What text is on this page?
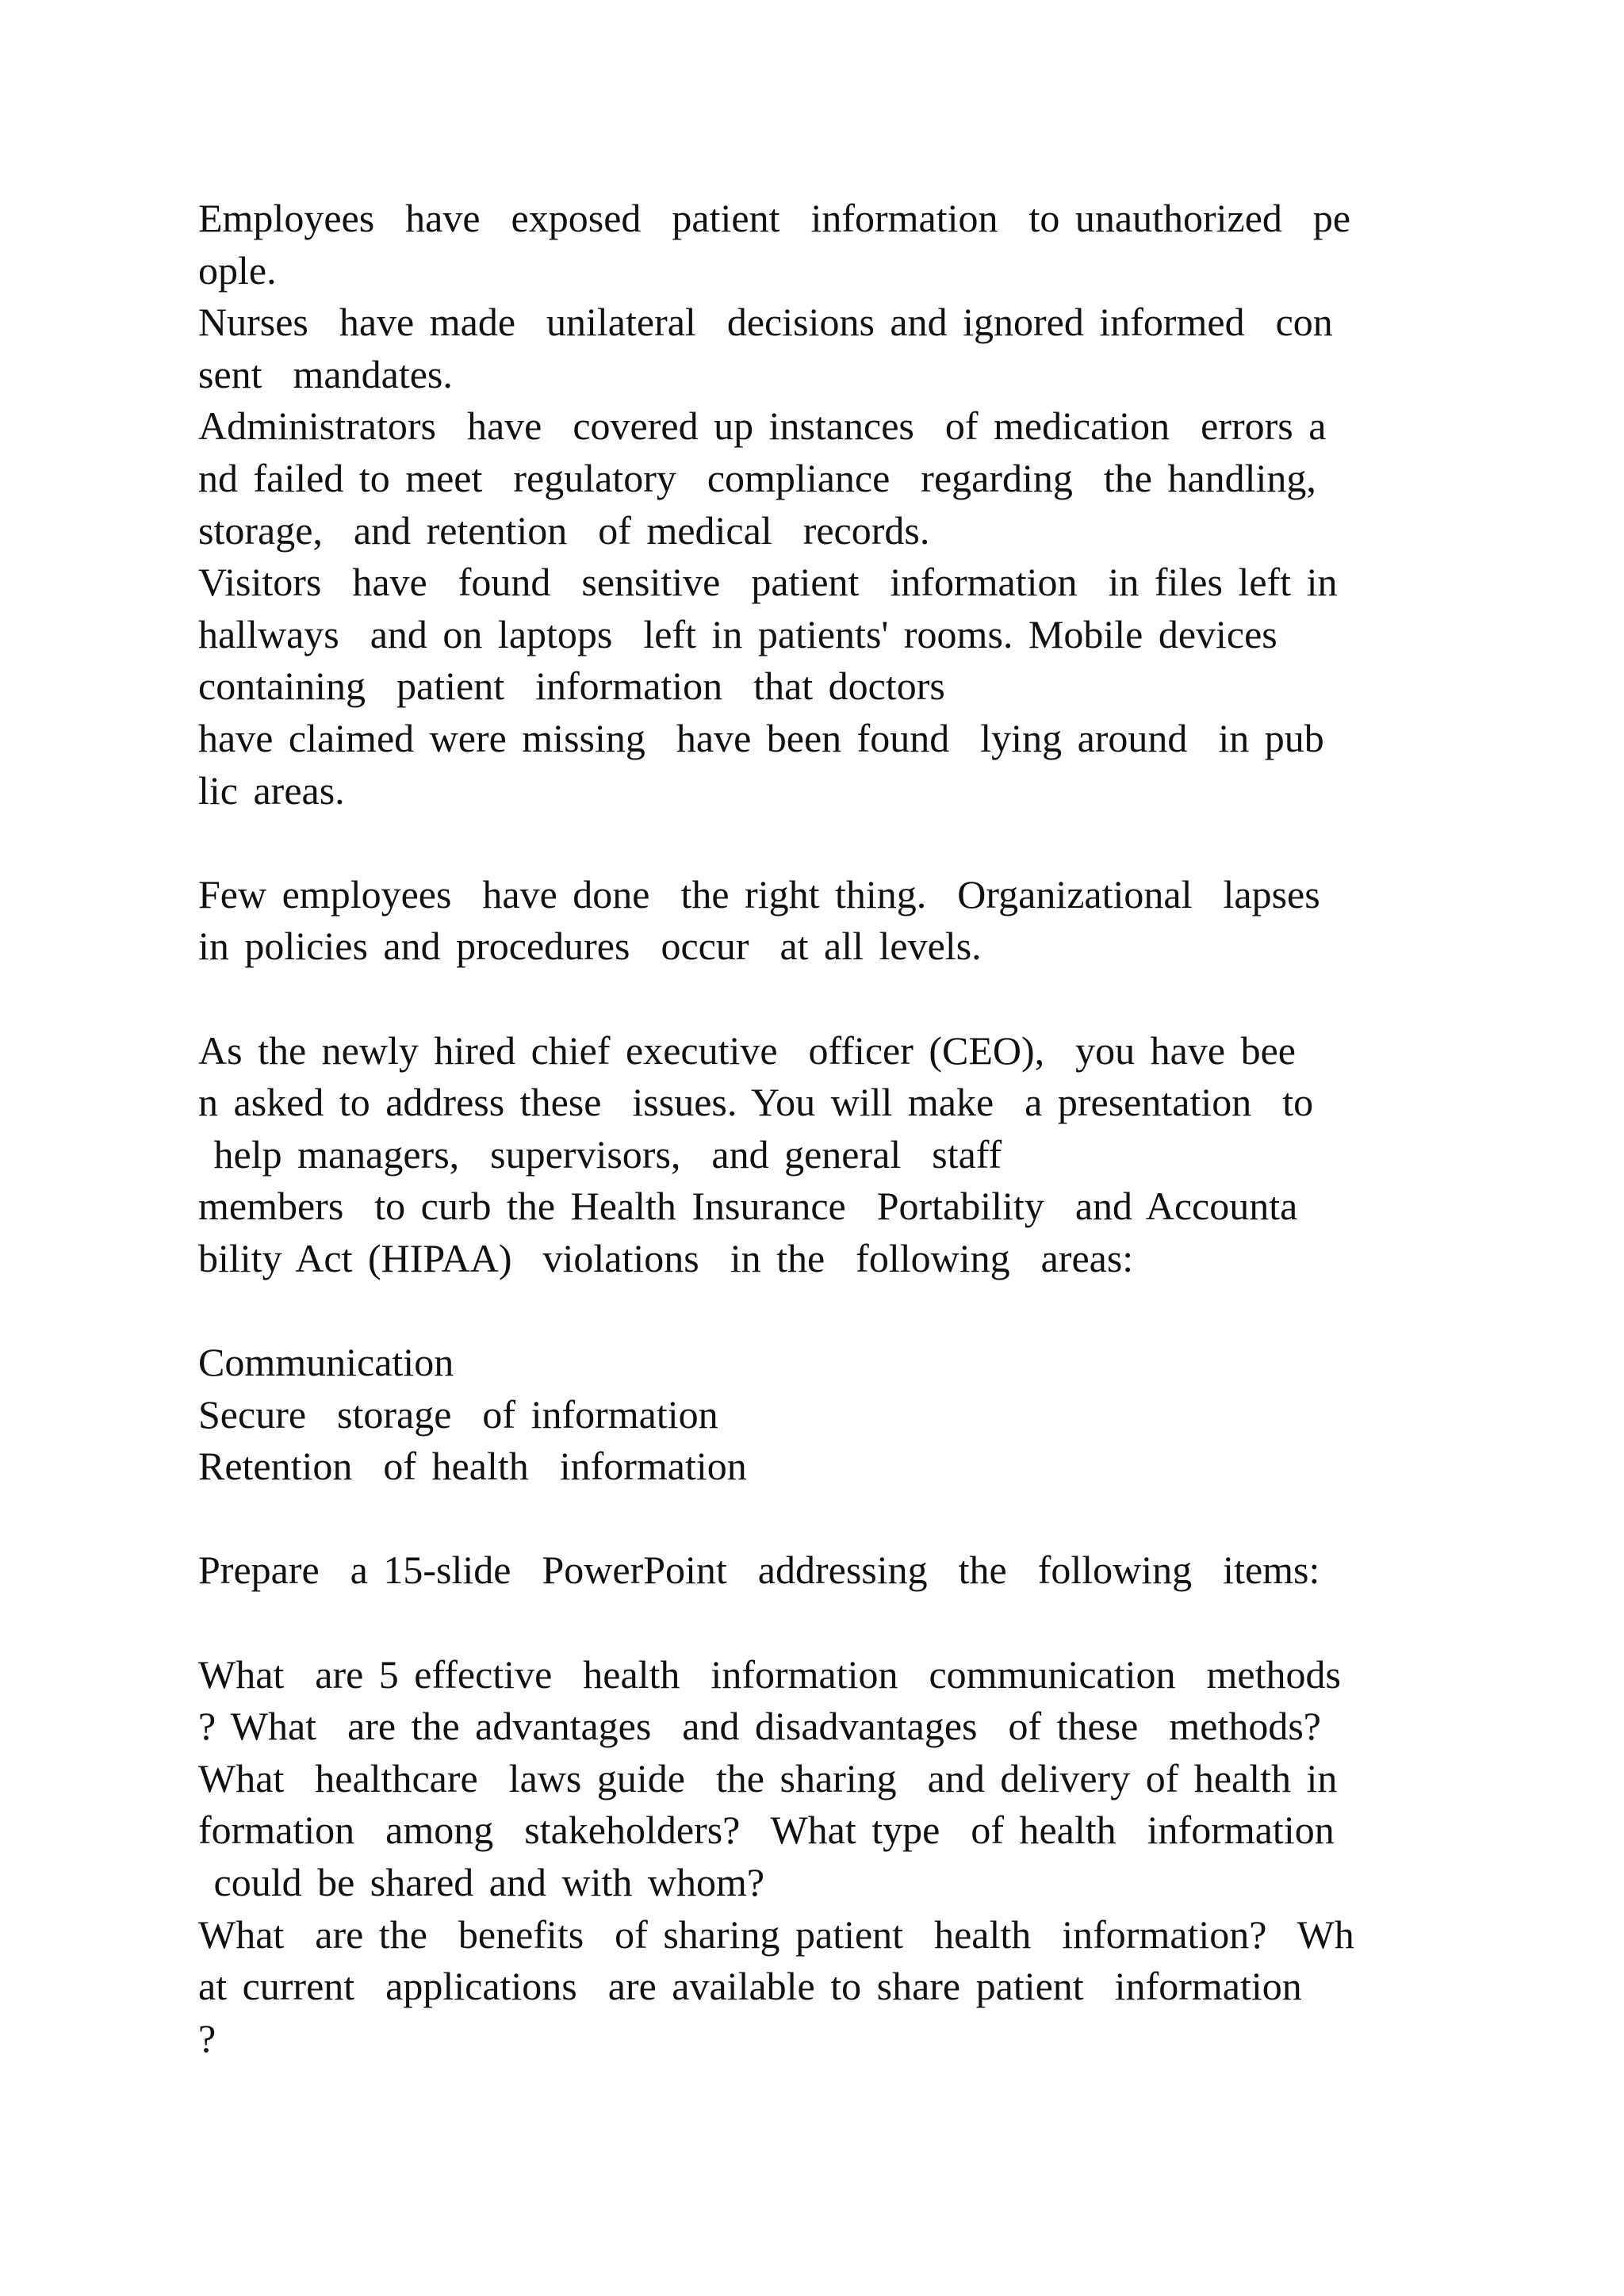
Employees  have  exposed  patient  information  to unauthorized  pe
ople.
Nurses  have made  unilateral  decisions and ignored informed  con
sent  mandates.
Administrators  have  covered up instances  of medication  errors a
nd failed to meet  regulatory  compliance  regarding  the handling,
storage,  and retention  of medical  records.
Visitors  have  found  sensitive  patient  information  in files left in
hallways  and on laptops  left in patients' rooms. Mobile devices
containing  patient  information  that doctors
have claimed were missing  have been found  lying around  in pub
lic areas.
Few employees  have done  the right thing.  Organizational  lapses
in policies and procedures  occur  at all levels.
As the newly hired chief executive  officer (CEO),  you have bee
n asked to address these  issues. You will make  a presentation  to
help managers,  supervisors,  and general  staff
members  to curb the Health Insurance  Portability  and Accounta
bility Act (HIPAA)  violations  in the  following  areas:
Communication
Secure  storage  of information
Retention  of health  information
Prepare  a 15-slide  PowerPoint  addressing  the  following  items:
What  are 5 effective  health  information  communication  methods
? What  are the advantages  and disadvantages  of these  methods?
What  healthcare  laws guide  the sharing  and delivery of health in
formation  among  stakeholders?  What type  of health  information
could be shared and with whom?
What  are the  benefits  of sharing patient  health  information?  Wh
at current  applications  are available to share patient  information
?
